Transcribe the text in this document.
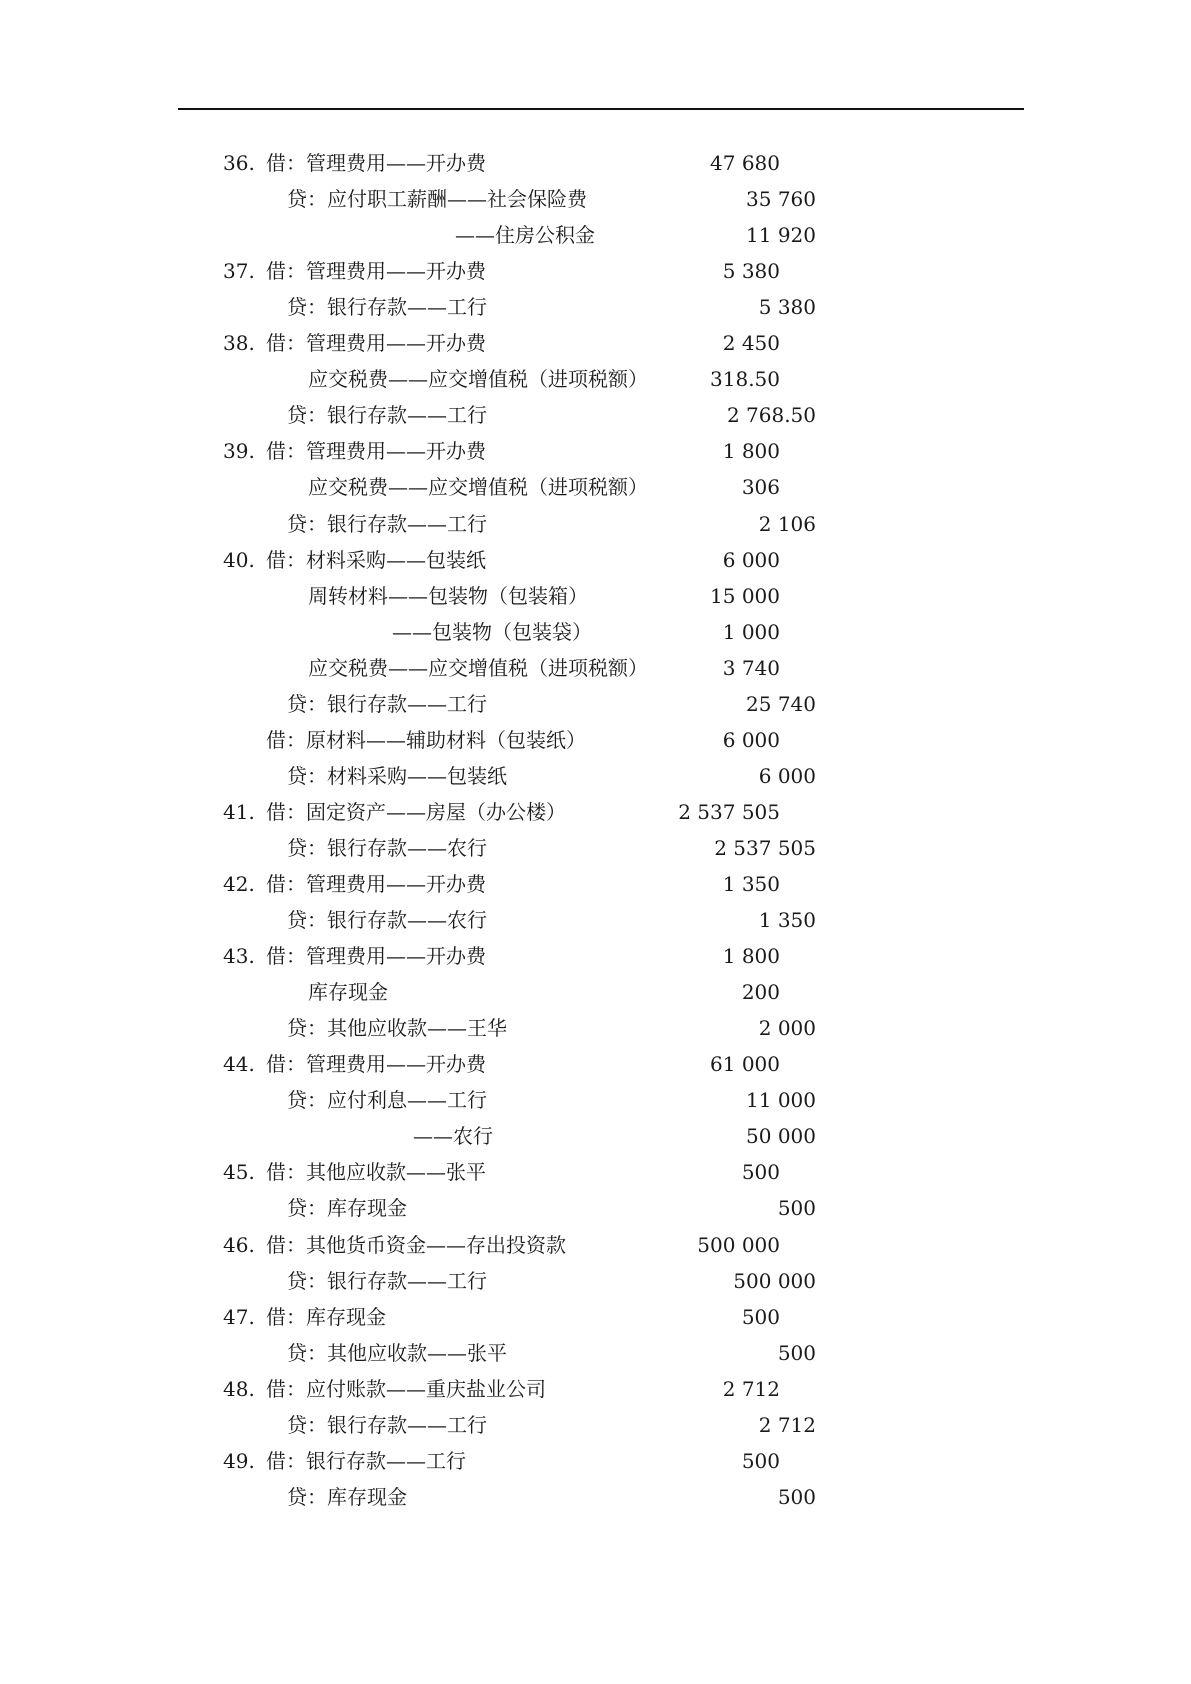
36. 借：管理费用——开办费	47 680
贷：应付职工薪酬——社会保险费	35 760
——住房公积金	11 920
37. 借：管理费用——开办费	5 380
贷：银行存款——工行	5 380
38. 借：管理费用——开办费	2 450
应交税费——应交增值税（进项税额）	318.50
贷：银行存款——工行	2 768.50
39. 借：管理费用——开办费	1 800
应交税费——应交增值税（进项税额）	306
贷：银行存款——工行	2 106
40. 借：材料采购——包装纸	6 000
周转材料——包装物（包装箱）	15 000
——包装物（包装袋）	1 000
应交税费——应交增值税（进项税额）	3 740
贷：银行存款——工行	25 740
借：原材料——辅助材料（包装纸）	6 000
贷：材料采购——包装纸	6 000
41. 借：固定资产——房屋（办公楼）	2 537 505
贷：银行存款——农行	2 537 505
42. 借：管理费用——开办费	1 350
贷：银行存款——农行	1 350
43. 借：管理费用——开办费	1 800
库存现金	200
贷：其他应收款——王华	2 000
44. 借：管理费用——开办费	61 000
贷：应付利息——工行	11 000
——农行	50 000
45. 借：其他应收款——张平	500
贷：库存现金	500
46. 借：其他货币资金——存出投资款	500 000
贷：银行存款——工行	500 000
47. 借：库存现金	500
贷：其他应收款——张平	500
48. 借：应付账款——重庆盐业公司	2 712
贷：银行存款——工行	2 712
49. 借：银行存款——工行	500
贷：库存现金	500
